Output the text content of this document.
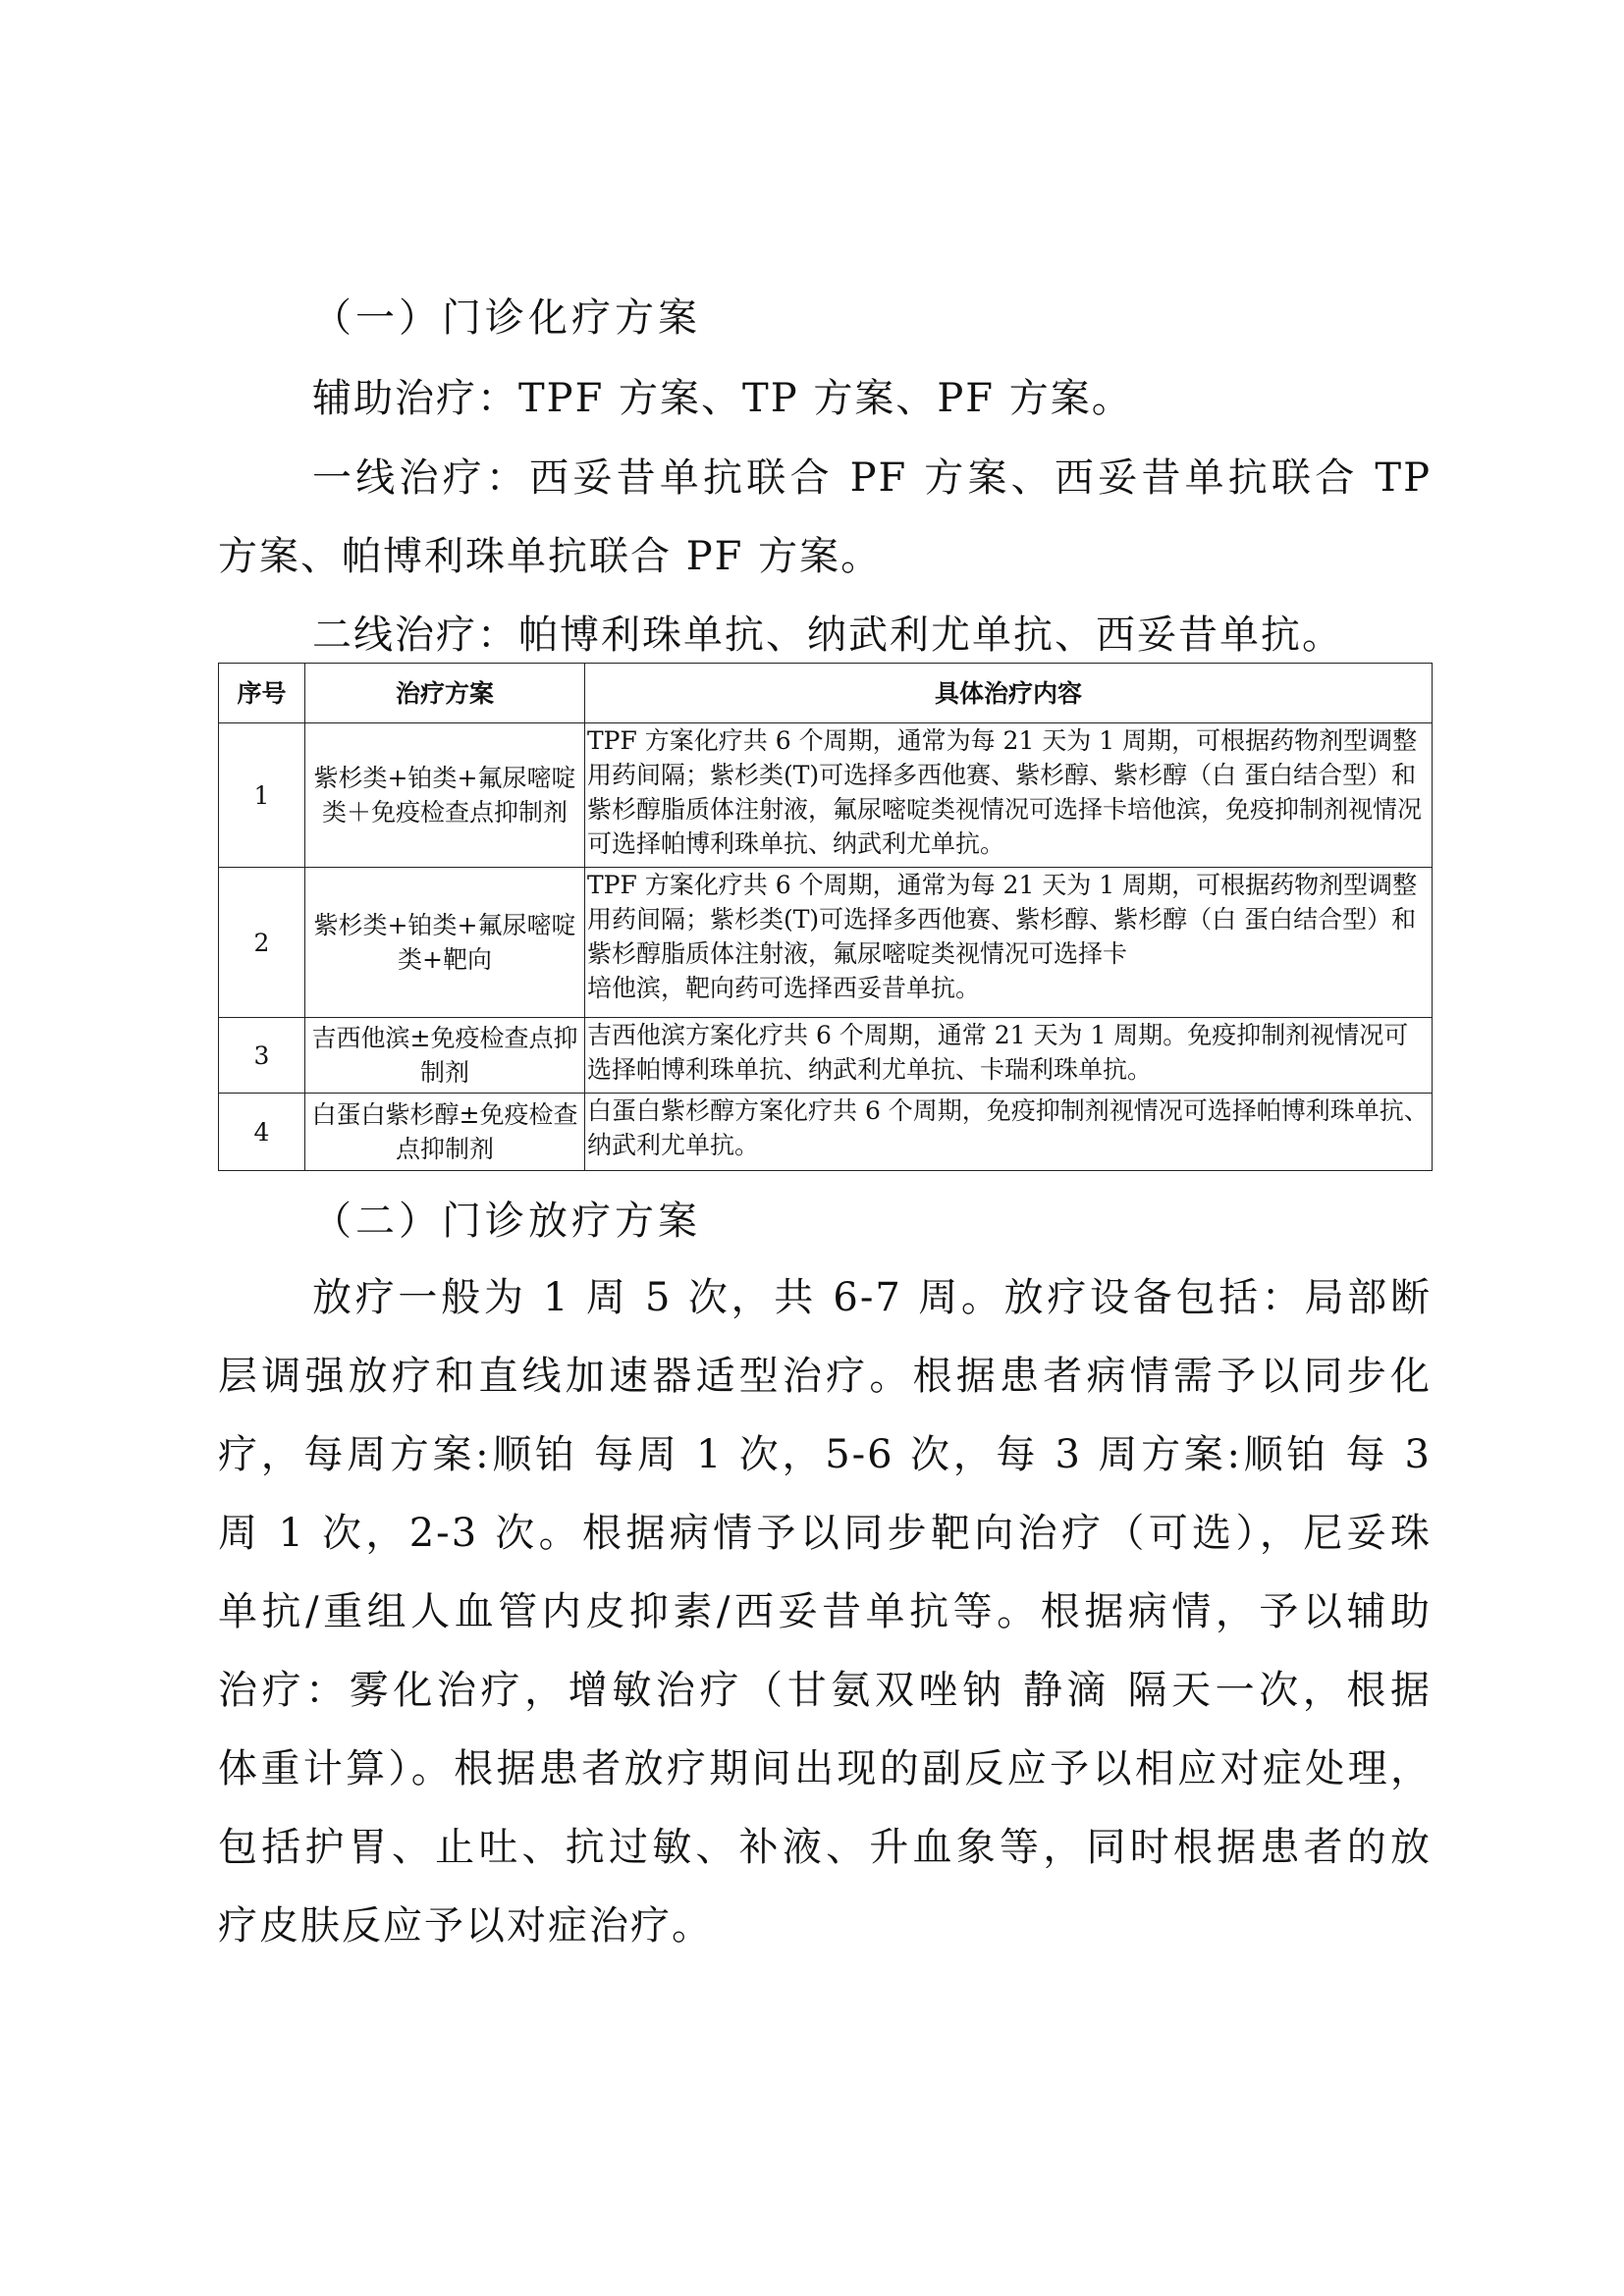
（一）门诊化疗方案
辅助治疗：TPF 方案、TP 方案、PF 方案。
一线治疗：西妥昔单抗联合 PF 方案、西妥昔单抗联合 TP
方案、帕博利珠单抗联合 PF 方案。
二线治疗：帕博利珠单抗、纳武利尤单抗、西妥昔单抗。
序号	治疗方案	具体治疗内容
1	紫杉类+铂类+氟尿嘧啶类＋免疫检查点抑制剂	TPF 方案化疗共 6 个周期，通常为每 21 天为 1 周期，可根据药物剂型调整用药间隔；紫杉类(T)可选择多西他赛、紫杉醇、紫杉醇（白 蛋白结合型）和紫杉醇脂质体注射液，氟尿嘧啶类视情况可选择卡培他滨，免疫抑制剂视情况可选择帕博利珠单抗、纳武利尤单抗。
2	紫杉类+铂类+氟尿嘧啶类+靶向	TPF 方案化疗共 6 个周期，通常为每 21 天为 1 周期，可根据药物剂型调整用药间隔；紫杉类(T)可选择多西他赛、紫杉醇、紫杉醇（白 蛋白结合型）和紫杉醇脂质体注射液，氟尿嘧啶类视情况可选择卡
培他滨，靶向药可选择西妥昔单抗。
3	吉西他滨±免疫检查点抑制剂	吉西他滨方案化疗共 6 个周期，通常 21 天为 1 周期。免疫抑制剂视情况可选择帕博利珠单抗、纳武利尤单抗、卡瑞利珠单抗。
4	白蛋白紫杉醇±免疫检查点抑制剂	白蛋白紫杉醇方案化疗共 6 个周期，免疫抑制剂视情况可选择帕博利珠单抗、纳武利尤单抗。
（二）门诊放疗方案
放疗一般为 1 周 5 次，共 6-7 周。放疗设备包括：局部断
层调强放疗和直线加速器适型治疗。根据患者病情需予以同步化
疗，每周方案:顺铂 每周 1 次，5-6 次，每 3 周方案:顺铂 每 3
周 1 次，2-3 次。根据病情予以同步靶向治疗（可选），尼妥珠
单抗/重组人血管内皮抑素/西妥昔单抗等。根据病情，予以辅助
治疗：雾化治疗，增敏治疗（甘氨双唑钠 静滴 隔天一次，根据
体重计算）。根据患者放疗期间出现的副反应予以相应对症处理，
包括护胃、止吐、抗过敏、补液、升血象等，同时根据患者的放
疗皮肤反应予以对症治疗。
